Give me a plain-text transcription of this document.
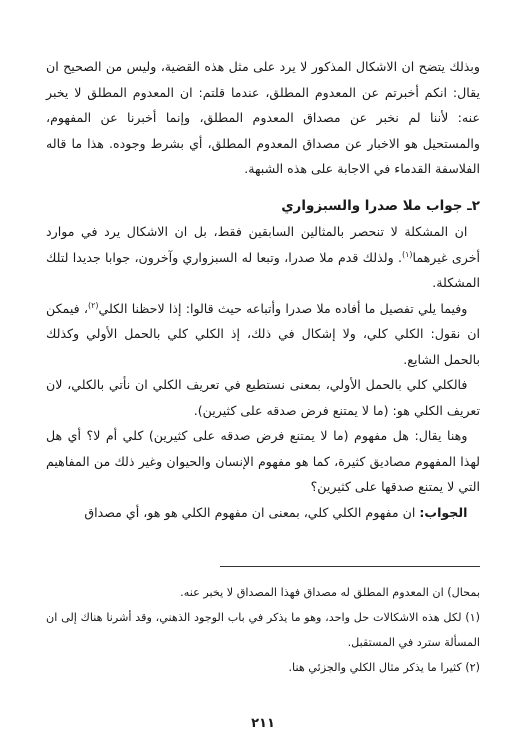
وبذلك يتضح ان الاشكال المذكور لا يرد على مثل هذه القضية، وليس من الصحيح ان يقال: انكم أخبرتم عن المعدوم المطلق، عندما قلتم: ان المعدوم المطلق لا يخبر عنه: لأننا لم نخبر عن مصداق المعدوم المطلق، وإنما أخبرنا عن المفهوم، والمستحيل هو الاخبار عن مصداق المعدوم المطلق، أي بشرط وجوده. هذا ما قاله الفلاسفة القدماء في الاجابة على هذه الشبهة.

٢ـ جواب ملا صدرا والسبزواري

 ان المشكلة لا تنحصر بالمثالين السابقين فقط، بل ان الاشكال يرد في موارد أخرى غيرهما$^{(١)}$. ولذلك قدم ملا صدرا، وتبعا له السبزواري وآخرون، جوابا جديدا لتلك المشكلة.

 وفيما يلي تفصيل ما أفاده ملا صدرا وأتباعه حيث قالوا: إذا لاحظنا الكلي$^{(٢)}$، فيمكن ان نقول: الكلي كلي، ولا إشكال في ذلك، إذ الكلي كلي بالحمل الأولي وكذلك بالحمل الشايع.

 فالكلي كلي بالحمل الأولي، بمعنى نستطيع في تعريف الكلي ان نأتي بالكلي، لان تعريف الكلي هو: (ما لا يمتنع فرض صدقه على كثيرين).

 وهنا يقال: هل مفهوم (ما لا يمتنع فرض صدقه على كثيرين) كلي أم لا؟ أي هل لهذا المفهوم مصاديق كثيرة، كما هو مفهوم الإنسان والحيوان وغير ذلك من المفاهيم التي لا يمتنع صدقها على كثيرين؟

 الجواب: ان مفهوم الكلي كلي، بمعنى ان مفهوم الكلي هو هو، أي مصداق

بمحال) ان المعدوم المطلق له مصداق فهذا المصداق لا يخبر عنه.

(١) لكل هذه الاشكالات حل واحد، وهو ما يذكر في باب الوجود الذهني، وقد أشرنا هناك إلى ان المسألة سترد في المستقبل.

(٢) كثيرا ما يذكر مثال الكلي والجزئي هنا.

٢١١
